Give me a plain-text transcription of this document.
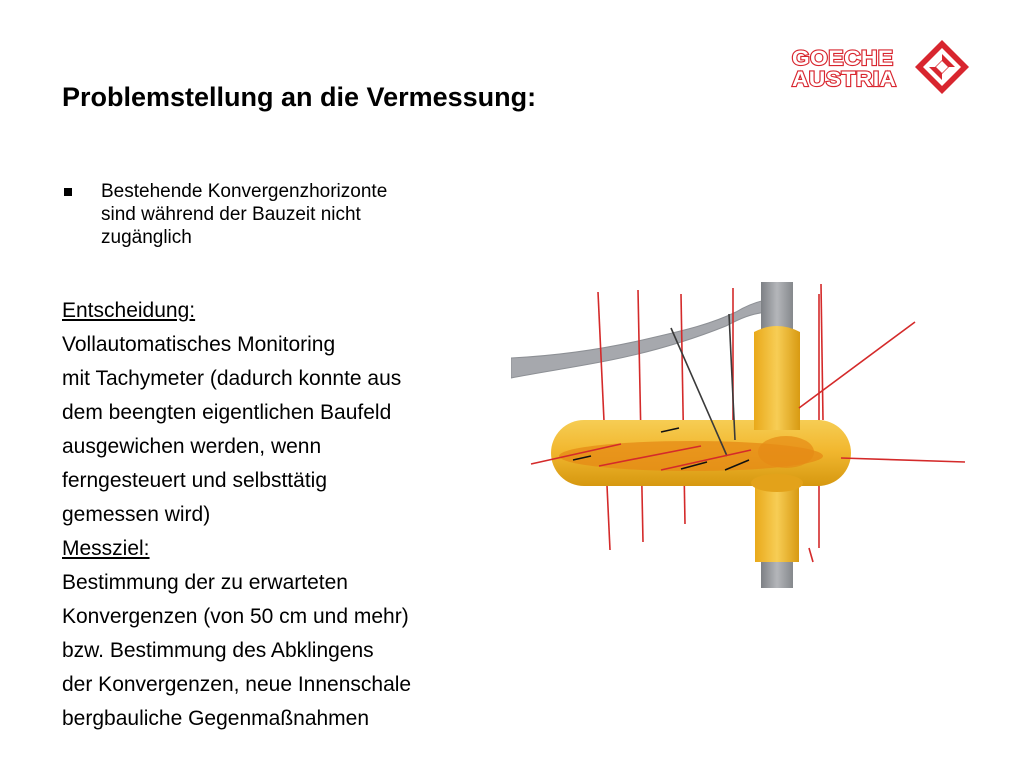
GOECHE
AUSTRIA
Problemstellung an die Vermessung:
Bestehende Konvergenzhorizonte
sind während der Bauzeit nicht
zugänglich
Entscheidung:
Vollautomatisches Monitoring
mit Tachymeter (dadurch konnte aus
dem beengten eigentlichen Baufeld
ausgewichen werden, wenn
ferngesteuert und selbsttätig
gemessen wird)
Messziel:
Bestimmung der zu erwarteten
Konvergenzen (von 50 cm und mehr)
bzw. Bestimmung des Abklingens
der Konvergenzen, neue Innenschale
bergbauliche Gegenmaßnahmen
